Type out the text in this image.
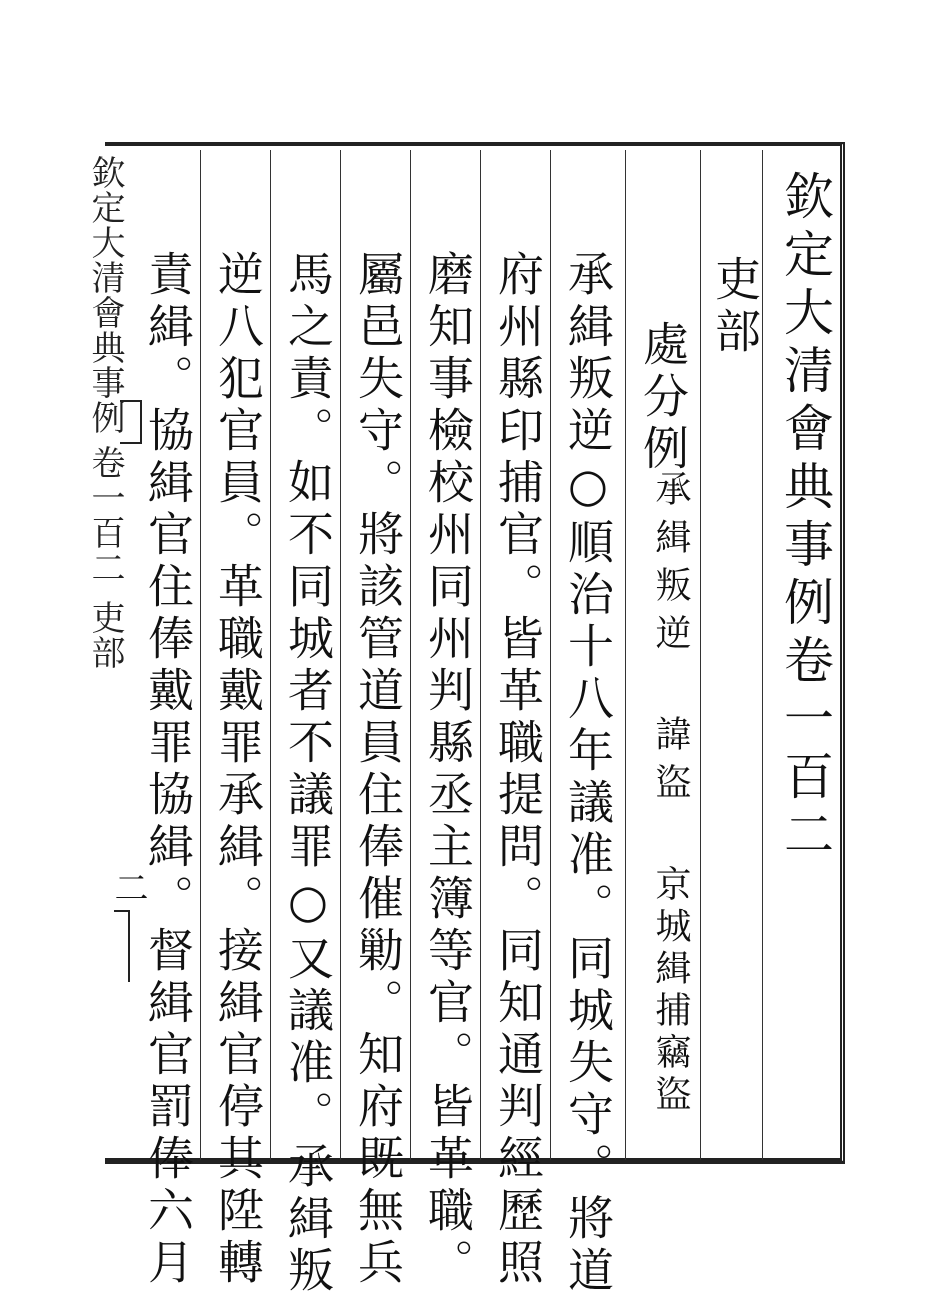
欽定大清會典事例卷一百二
吏部
處分例
承緝叛逆
諱盜
京城緝捕竊盜
承緝叛逆○順治十八年議准。同城失守。將道
府州縣印捕官。皆革職提問。同知通判經歷照
磨知事檢校州同州判縣丞主簿等官。皆革職。
屬邑失守。將該管道員住俸催勦。知府既無兵
馬之責。如不同城者不議罪○又議准。承緝叛
逆八犯官員。革職戴罪承緝。接緝官停其陞轉
責緝。協緝官住俸戴罪協緝。督緝官罰俸六月
欽定大清會典事例
卷一百二
吏部
二
